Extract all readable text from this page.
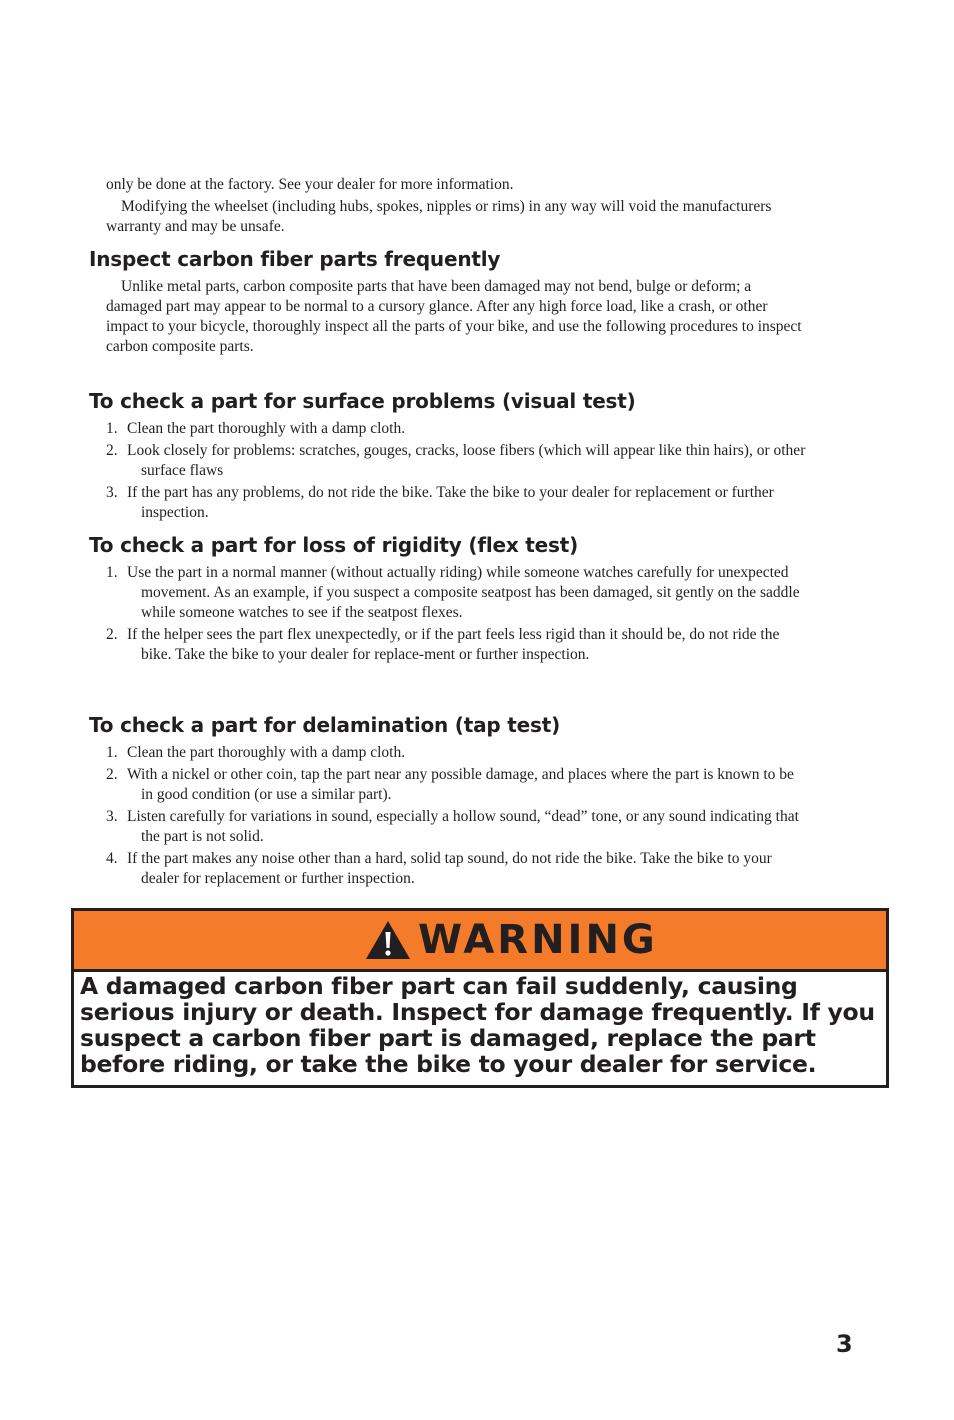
only be done at the factory. See your dealer for more information.

Modifying the wheelset (including hubs, spokes, nipples or rims) in any way will void the manufacturers warranty and may be unsafe.

Inspect carbon fiber parts frequently

Unlike metal parts, carbon composite parts that have been damaged may not bend, bulge or deform; a damaged part may appear to be normal to a cursory glance. After any high force load, like a crash, or other impact to your bicycle, thoroughly inspect all the parts of your bike, and use the following procedures to inspect carbon composite parts.

To check a part for surface problems (visual test)
1. Clean the part thoroughly with a damp cloth.
2. Look closely for problems: scratches, gouges, cracks, loose fibers (which will appear like thin hairs), or other surface flaws
3. If the part has any problems, do not ride the bike. Take the bike to your dealer for replacement or further inspection.
To check a part for loss of rigidity (flex test)
1. Use the part in a normal manner (without actually riding) while someone watches carefully for unexpected movement. As an example, if you suspect a composite seatpost has been damaged, sit gently on the saddle while someone watches to see if the seatpost flexes.
2. If the helper sees the part flex unexpectedly, or if the part feels less rigid than it should be, do not ride the bike. Take the bike to your dealer for replace-ment or further inspection.
To check a part for delamination (tap test)
1. Clean the part thoroughly with a damp cloth.
2. With a nickel or other coin, tap the part near any possible damage, and places where the part is known to be in good condition (or use a similar part).
3. Listen carefully for variations in sound, especially a hollow sound, “dead” tone, or any sound indicating that the part is not solid.
4. If the part makes any noise other than a hard, solid tap sound, do not ride the bike. Take the bike to your dealer for replacement or further inspection.
WARNING

A damaged carbon fiber part can fail suddenly, causing serious injury or death. Inspect for damage frequently. If you suspect a carbon fiber part is damaged, replace the part before riding, or take the bike to your dealer for service.

3
